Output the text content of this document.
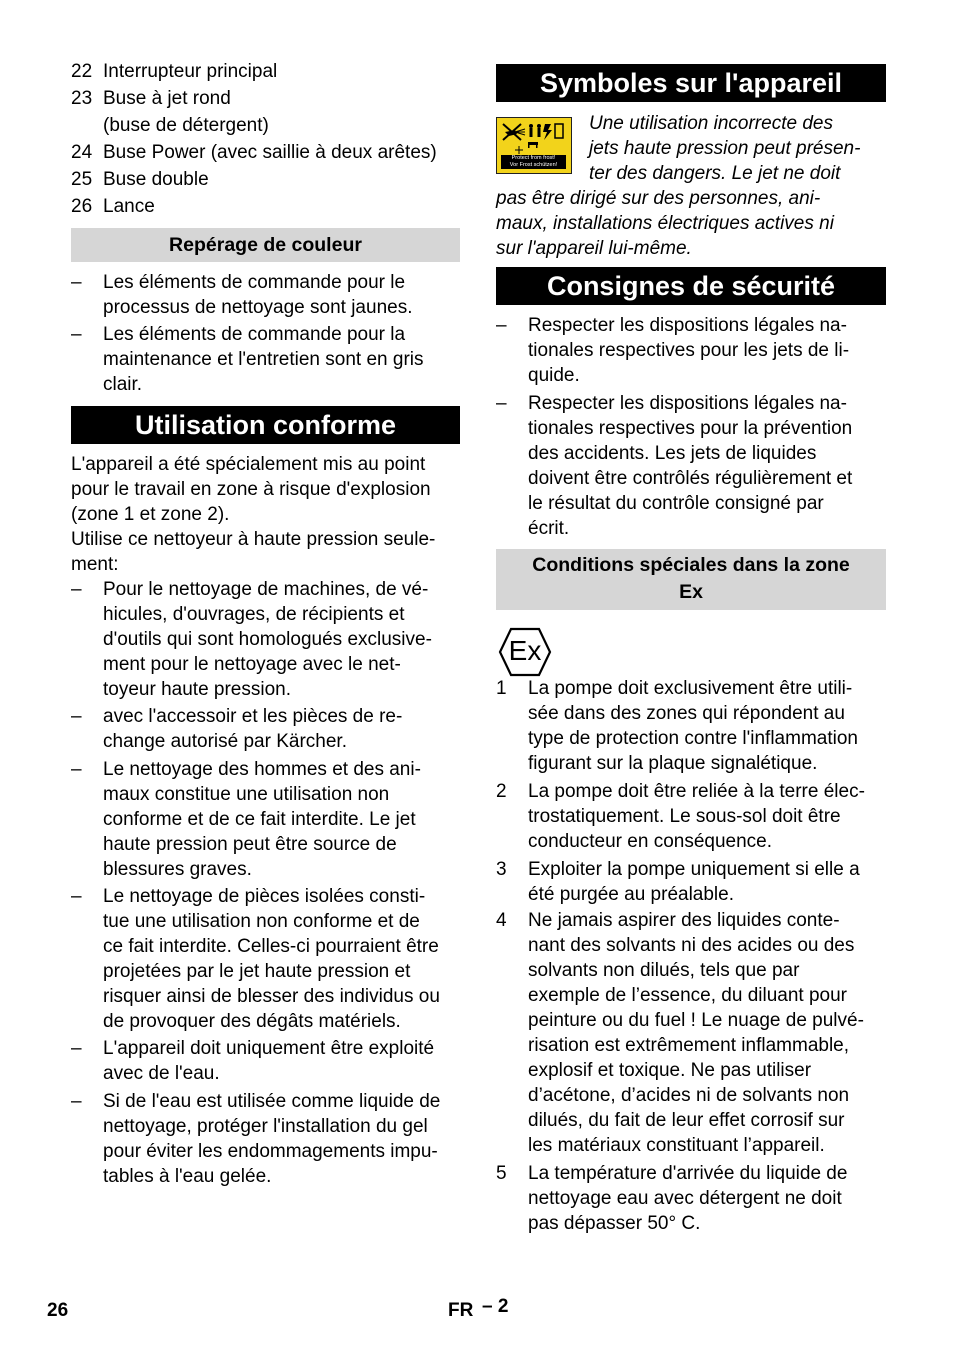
22 Interrupteur principal
23 Buse à jet rond
(buse de détergent)
24 Buse Power (avec saillie à deux arêtes)
25 Buse double
26 Lance
Repérage de couleur
– Les éléments de commande pour le
processus de nettoyage sont jaunes.
– Les éléments de commande pour la
maintenance et l'entretien sont en gris
clair.
Utilisation conforme
L'appareil a été spécialement mis au point
pour le travail en zone à risque d'explosion
(zone 1 et zone 2).
Utilise ce nettoyeur à haute pression seule-
ment:
– Pour le nettoyage de machines, de vé-
hicules, d'ouvrages, de récipients et
d'outils qui sont homologués exclusive-
ment pour le nettoyage avec le net-
toyeur haute pression.
– avec l'accessoir et les pièces de re-
change autorisé par Kärcher.
– Le nettoyage des hommes et des ani-
maux constitue une utilisation non
conforme et de ce fait interdite. Le jet
haute pression peut être source de
blessures graves.
– Le nettoyage de pièces isolées consti-
tue une utilisation non conforme et de
ce fait interdite. Celles-ci pourraient être
projetées par le jet haute pression et
risquer ainsi de blesser des individus ou
de provoquer des dégâts matériels.
– L'appareil doit uniquement être exploité
avec de l'eau.
– Si de l'eau est utilisée comme liquide de
nettoyage, protéger l'installation du gel
pour éviter les endommagements impu-
tables à l'eau gelée.
Symboles sur l'appareil
Protect from frost!
Vor Frost schützen!
Une utilisation incorrecte des
jets haute pression peut présen-
ter des dangers. Le jet ne doit
pas être dirigé sur des personnes, ani-
maux, installations électriques actives ni
sur l'appareil lui-même.
Consignes de sécurité
– Respecter les dispositions légales na-
tionales respectives pour les jets de li-
quide.
– Respecter les dispositions légales na-
tionales respectives pour la prévention
des accidents. Les jets de liquides
doivent être contrôlés régulièrement et
le résultat du contrôle consigné par
écrit.
Conditions spéciales dans la zone
Ex
Ex
1 La pompe doit exclusivement être utili-
sée dans des zones qui répondent au
type de protection contre l'inflammation
figurant sur la plaque signalétique.
2 La pompe doit être reliée à la terre élec-
trostatiquement. Le sous-sol doit être
conducteur en conséquence.
3 Exploiter la pompe uniquement si elle a
été purgée au préalable.
4 Ne jamais aspirer des liquides conte-
nant des solvants ni des acides ou des
solvants non dilués, tels que par
exemple de l’essence, du diluant pour
peinture ou du fuel ! Le nuage de pulvé-
risation est extrêmement inflammable,
explosif et toxique. Ne pas utiliser
d’acétone, d’acides ni de solvants non
dilués, du fait de leur effet corrosif sur
les matériaux constituant l’appareil.
5 La température d'arrivée du liquide de
nettoyage eau avec détergent ne doit
pas dépasser 50° C.
26	FR – 2
